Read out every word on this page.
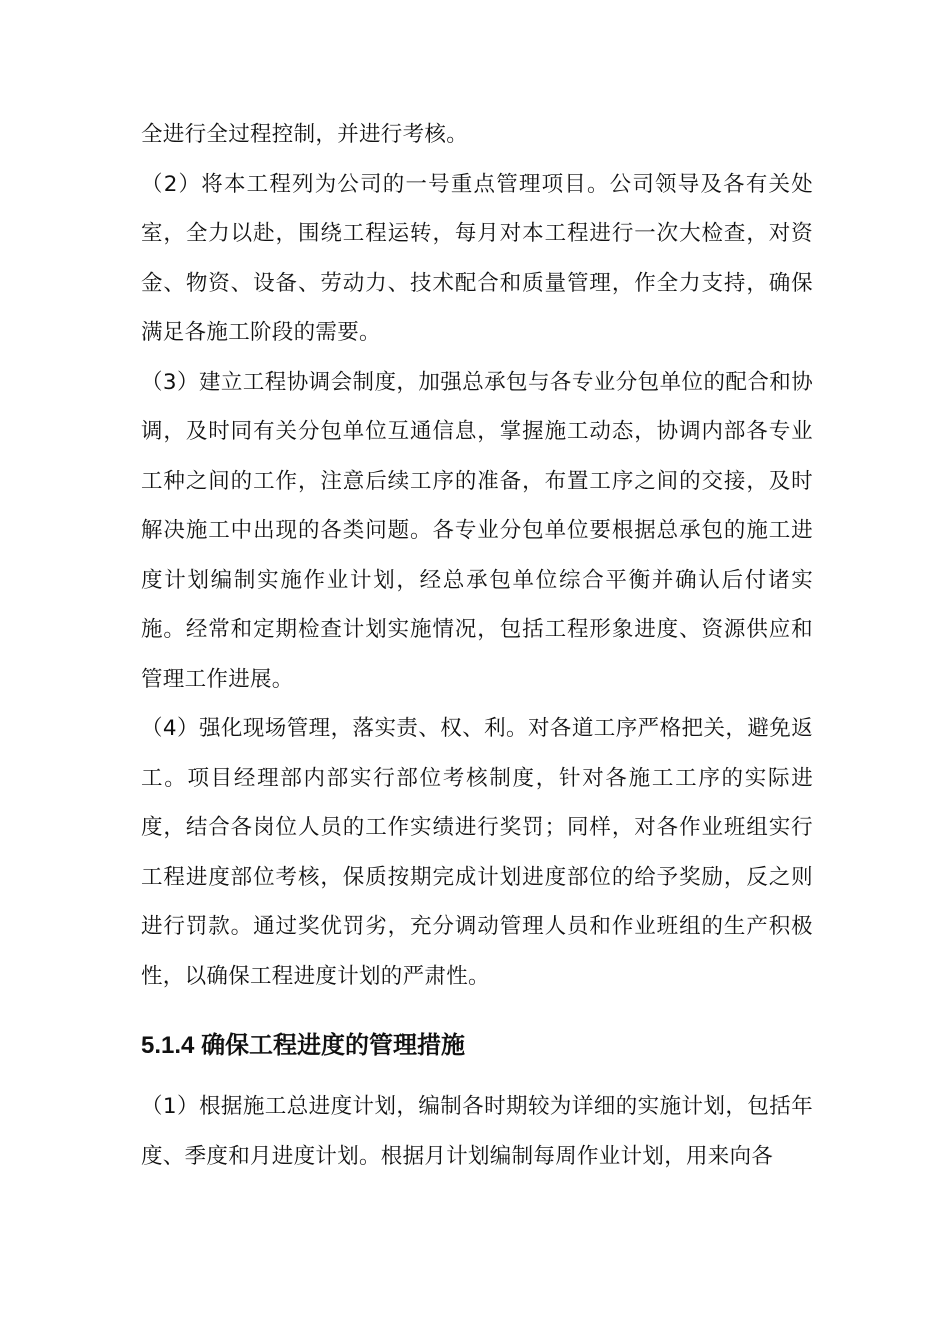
全进行全过程控制，并进行考核。

（2）将本工程列为公司的一号重点管理项目。公司领导及各有关处室，全力以赴，围绕工程运转，每月对本工程进行一次大检查，对资金、物资、设备、劳动力、技术配合和质量管理，作全力支持，确保满足各施工阶段的需要。

（3）建立工程协调会制度，加强总承包与各专业分包单位的配合和协调，及时同有关分包单位互通信息，掌握施工动态，协调内部各专业工种之间的工作，注意后续工序的准备，布置工序之间的交接，及时解决施工中出现的各类问题。各专业分包单位要根据总承包的施工进度计划编制实施作业计划，经总承包单位综合平衡并确认后付诸实施。经常和定期检查计划实施情况，包括工程形象进度、资源供应和管理工作进展。

（4）强化现场管理，落实责、权、利。对各道工序严格把关，避免返工。项目经理部内部实行部位考核制度，针对各施工工序的实际进度，结合各岗位人员的工作实绩进行奖罚；同样，对各作业班组实行工程进度部位考核，保质按期完成计划进度部位的给予奖励，反之则进行罚款。通过奖优罚劣，充分调动管理人员和作业班组的生产积极性，以确保工程进度计划的严肃性。

5.1.4 确保工程进度的管理措施

（1）根据施工总进度计划，编制各时期较为详细的实施计划，包括年度、季度和月进度计划。根据月计划编制每周作业计划，用来向各
